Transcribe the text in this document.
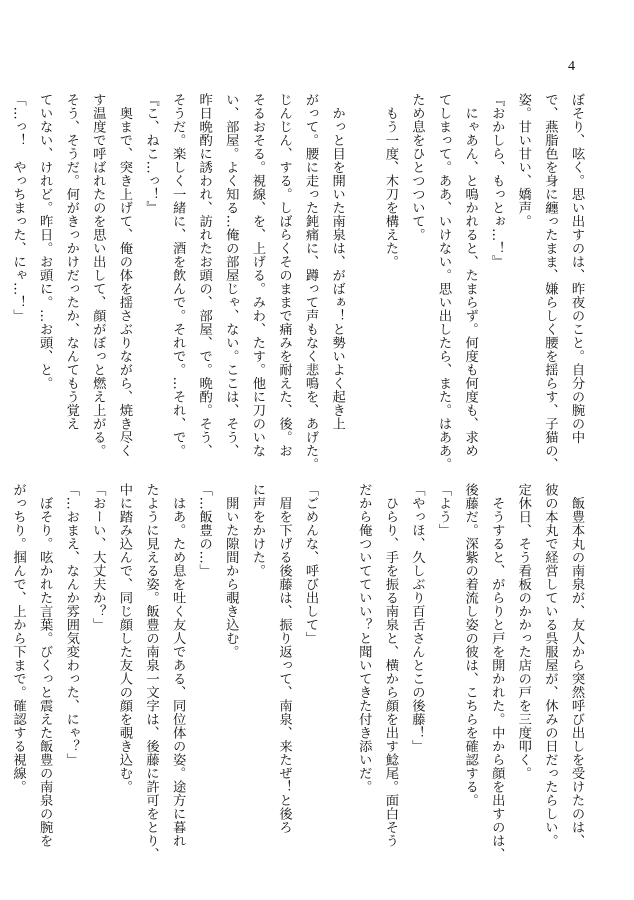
4
ぼそり、呟く。思い出すのは、昨夜のこと。自分の腕の中
で、燕脂色を身に纏ったまま、嫌らしく腰を揺らす、子猫の、
姿。甘い甘い、嬌声。
『おかしら、もっとぉ…！』
　にゃあん、と鳴かれると、たまらず。何度も何度も、求め
てしまって。ああ、いけない。思い出したら、また。はああ。
ため息をひとつついて。
　もう一度、木刀を構えた。
　かっと目を開いた南泉は、がばぁ！と勢いよく起き上
がって。腰に走った鈍痛に、蹲って声もなく悲鳴を、あげた。
じんじん、する。しばらくそのままで痛みを耐えた、後。お
そるおそる。視線、を、上げる。みわ、たす。他に刀のいな
い、部屋。よく知る…俺の部屋じゃ、ない。ここは、そう、
昨日晩酌に誘われ、訪れたお頭の、部屋、で。晩酌。そう、
そうだ。楽しく一緒に、酒を飲んで。それで。…それ、で。
『こ、ねこ…っ！』
　奥まで、突き上げて、俺の体を揺さぶりながら、焼き尽く
す温度で呼ばれたのを思い出して、顔がぼっと燃え上がる。
そう、そうだ。何がきっかけだったか、なんてもう覚え
ていない、けれど。昨日。お頭に。…お頭、と。
「…っ！　やっちまった、にゃ…！」
　飯豊本丸の南泉が、友人から突然呼び出しを受けたのは、
彼の本丸で経営している呉服屋が、休みの日だったらしい。
定休日、そう看板のかかった店の戸を三度叩く。
　そうすると、がらりと戸を開かれた。中から顔を出すのは、
後藤だ。深紫の着流し姿の彼は、こちらを確認する。
「よう」
「やっほ、久しぶり百舌さんとこの後藤！」
　ひらり、手を振る南泉と、横から顔を出す鯰尾。面白そう
だから俺ついてていい？と聞いてきた付き添いだ。
「ごめんな、呼び出して」
　眉を下げる後藤は、振り返って、南泉、来たぜ！と後ろ
に声をかけた。
　開いた隙間から覗き込む。
「…飯豊の…」
　はあ。ため息を吐く友人である、同位体の姿。途方に暮れ
たように見える姿。飯豊の南泉一文字は、後藤に許可をとり、
中に踏み込んで、同じ顔した友人の顔を覗き込む。
「おーい、大丈夫か？」
「…おまえ、なんか雰囲気変わった、にゃ？」
　ぼそり。呟かれた言葉。びくっと震えた飯豊の南泉の腕を
がっちり。掴んで、上から下まで。確認する視線。
